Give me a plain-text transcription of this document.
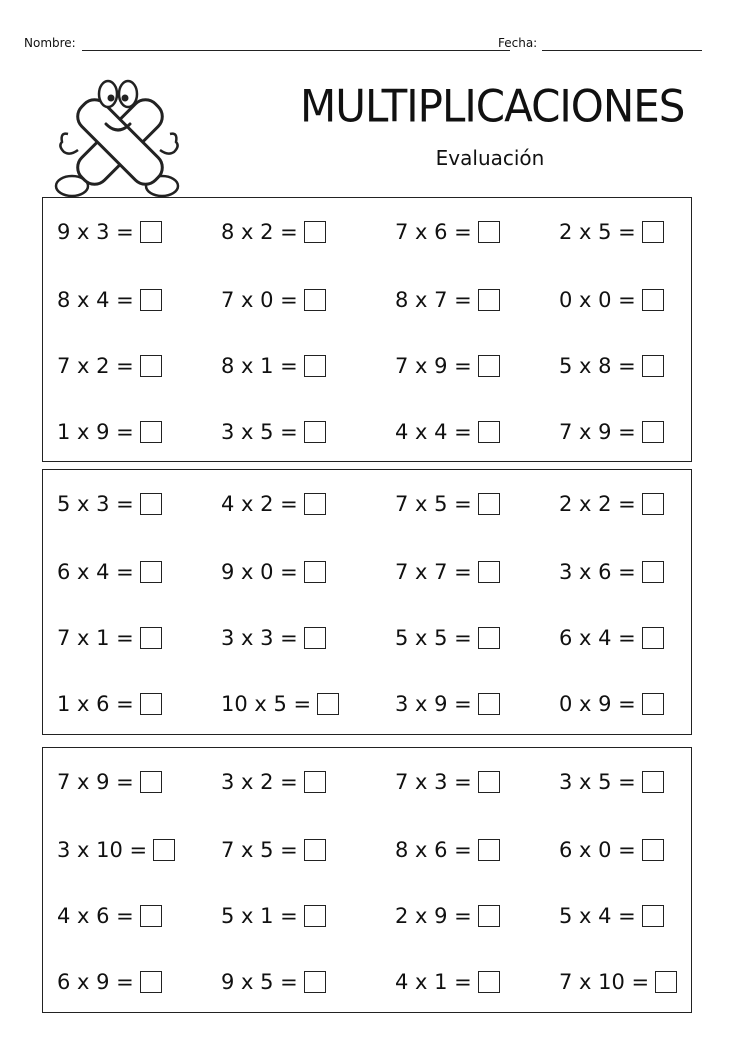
Nombre:	Fecha:
MULTIPLICACIONES
Evaluación
9 x 3 =	8 x 2 =	7 x 6 =	2 x 5 =
8 x 4 =	7 x 0 =	8 x 7 =	0 x 0 =
7 x 2 =	8 x 1 =	7 x 9 =	5 x 8 =
1 x 9 =	3 x 5 =	4 x 4 =	7 x 9 =
5 x 3 =	4 x 2 =	7 x 5 =	2 x 2 =
6 x 4 =	9 x 0 =	7 x 7 =	3 x 6 =
7 x 1 =	3 x 3 =	5 x 5 =	6 x 4 =
1 x 6 =	10 x 5 =	3 x 9 =	0 x 9 =
7 x 9 =	3 x 2 =	7 x 3 =	3 x 5 =
3 x 10 =	7 x 5 =	8 x 6 =	6 x 0 =
4 x 6 =	5 x 1 =	2 x 9 =	5 x 4 =
6 x 9 =	9 x 5 =	4 x 1 =	7 x 10 =
